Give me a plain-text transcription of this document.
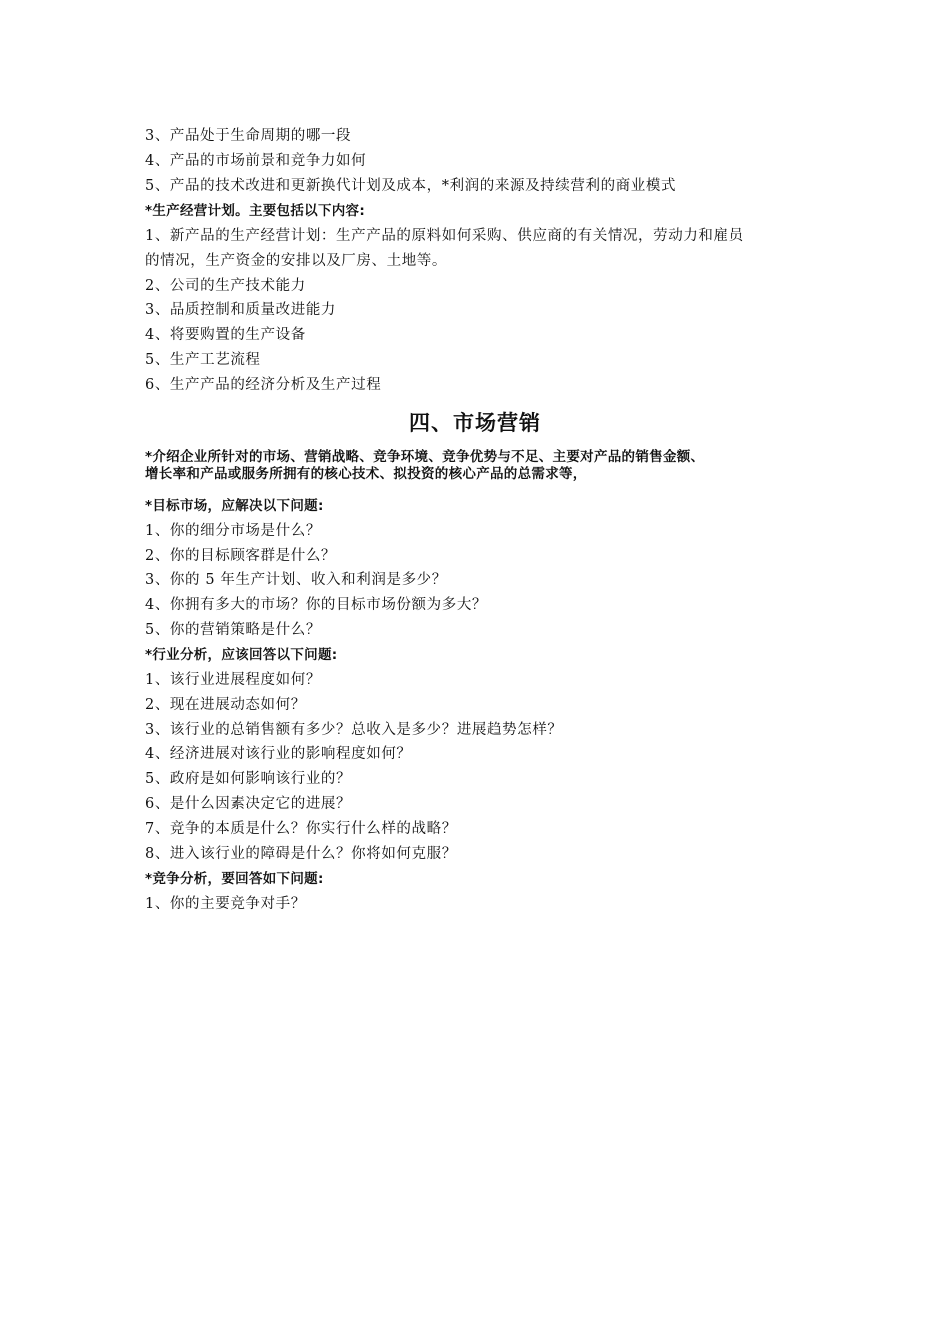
3、产品处于生命周期的哪一段
4、产品的市场前景和竞争力如何
5、产品的技术改进和更新换代计划及成本，*利润的来源及持续营利的商业模式
*生产经营计划。主要包括以下内容:
1、新产品的生产经营计划：生产产品的原料如何采购、供应商的有关情况，劳动力和雇员
的情况，生产资金的安排以及厂房、土地等。
2、公司的生产技术能力
3、品质控制和质量改进能力
4、将要购置的生产设备
5、生产工艺流程
6、生产产品的经济分析及生产过程
四、市场营销
*介绍企业所针对的市场、营销战略、竞争环境、竞争优势与不足、主要对产品的销售金额、
增长率和产品或服务所拥有的核心技术、拟投资的核心产品的总需求等，
*目标市场，应解决以下问题:
1、你的细分市场是什么？
2、你的目标顾客群是什么？
3、你的 5 年生产计划、收入和利润是多少？
4、你拥有多大的市场？你的目标市场份额为多大？
5、你的营销策略是什么？
*行业分析，应该回答以下问题:
1、该行业进展程度如何？
2、现在进展动态如何？
3、该行业的总销售额有多少？总收入是多少？进展趋势怎样？
4、经济进展对该行业的影响程度如何？
5、政府是如何影响该行业的？
6、是什么因素决定它的进展？
7、竞争的本质是什么？你实行什么样的战略？
8、进入该行业的障碍是什么？你将如何克服？
*竞争分析，要回答如下问题:
1、你的主要竞争对手？
